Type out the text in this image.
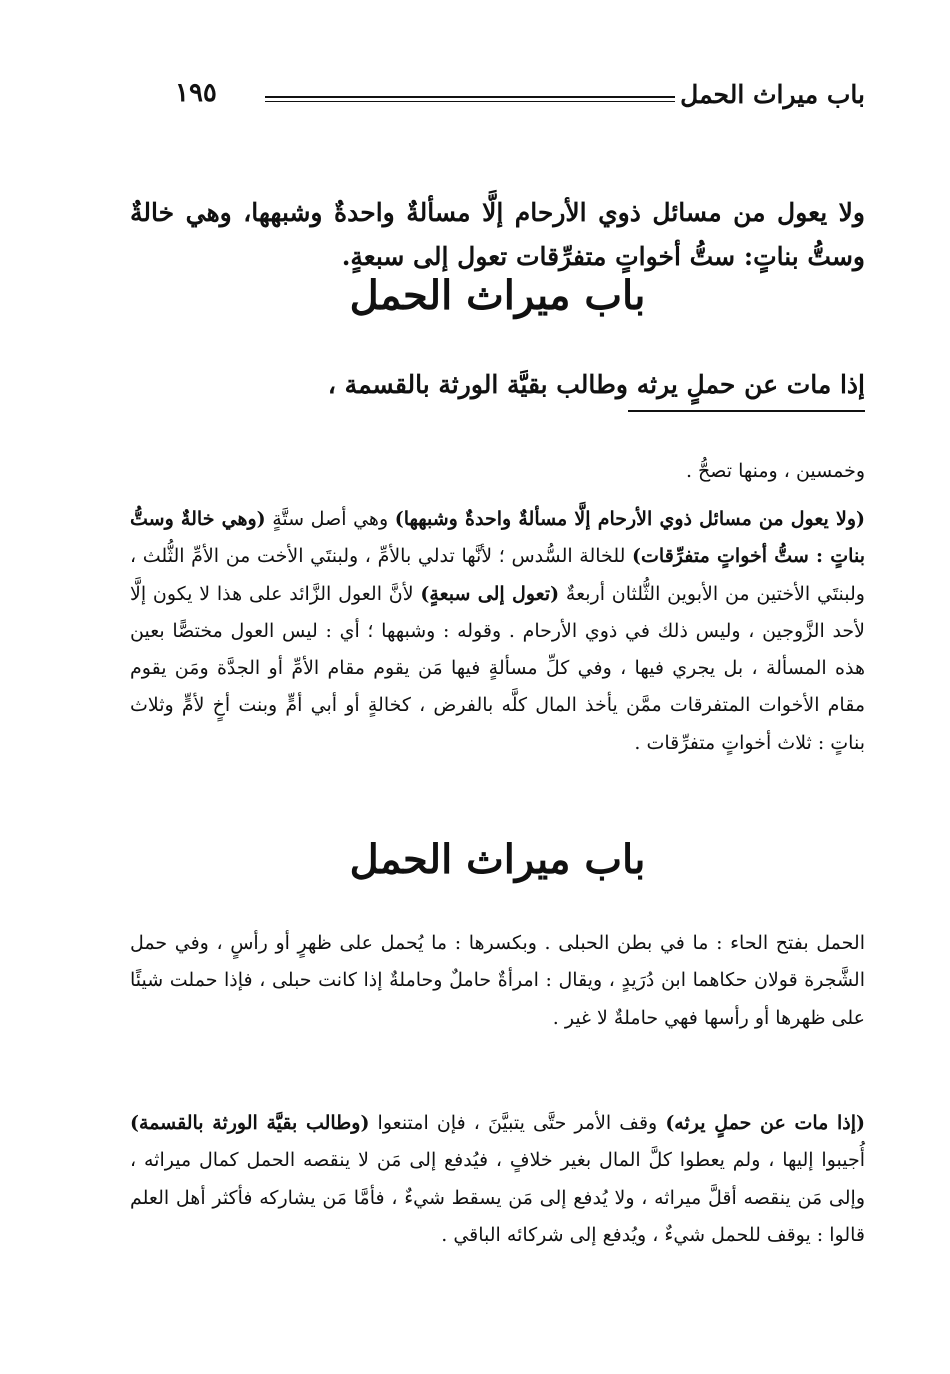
باب ميراث الحمل
١٩٥

ولا يعول من مسائل ذوي الأرحام إلَّا مسألةٌ واحدةٌ وشبهها، وهي خالةٌ وستُّ بناتٍ: ستُّ أخواتٍ متفرِّقات تعول إلى سبعةٍ.

باب ميراث الحمل

إذا مات عن حملٍ يرثه وطالب بقيَّة الورثة بالقسمة ،

وخمسين ، ومنها تصحُّ .

(ولا يعول من مسائل ذوي الأرحام إلَّا مسألةٌ واحدةٌ وشبهها) وهي أصل ستَّةٍ (وهي خالةٌ وستُّ بناتٍ : ستُّ أخواتٍ متفرِّقات) للخالة السُّدس ؛ لأنَّها تدلي بالأمِّ ، ولبنتَي الأخت من الأمِّ الثُّلث ، ولبنتَي الأختين من الأبوين الثُّلثان أربعةٌ (تعول إلى سبعةٍ) لأنَّ العول الزَّائد على هذا لا يكون إلَّا لأحد الزَّوجين ، وليس ذلك في ذوي الأرحام . وقوله : وشبهها ؛ أي : ليس العول مختصًّا بعين هذه المسألة ، بل يجري فيها ، وفي كلِّ مسألةٍ فيها مَن يقوم مقام الأمِّ أو الجدَّة ومَن يقوم مقام الأخوات المتفرقات ممَّن يأخذ المال كلَّه بالفرض ، كخالةٍ أو أبي أمٍّ وبنت أخٍ لأمٍّ وثلاث بناتٍ : ثلاث أخواتٍ متفرِّقات .

باب ميراث الحمل

الحمل بفتح الحاء : ما في بطن الحبلى . وبكسرها : ما يُحمل على ظهرٍ أو رأسٍ ، وفي حمل الشَّجرة قولان حكاهما ابن دُرَيدٍ ، ويقال : امرأةٌ حاملٌ وحاملةٌ إذا كانت حبلى ، فإذا حملت شيئًا على ظهرها أو رأسها فهي حاملةٌ لا غير .

(إذا مات عن حملٍ يرثه) وقف الأمر حتَّى يتبيَّنَ ، فإن امتنعوا (وطالب بقيَّة الورثة بالقسمة) أُجيبوا إليها ، ولم يعطوا كلَّ المال بغير خلافٍ ، فيُدفع إلى مَن لا ينقصه الحمل كمال ميراثه ، وإلى مَن ينقصه أقلَّ ميراثه ، ولا يُدفع إلى مَن يسقط شيءٌ ، فأمَّا مَن يشاركه فأكثر أهل العلم قالوا : يوقف للحمل شيءٌ ، ويُدفع إلى شركائه الباقي .
